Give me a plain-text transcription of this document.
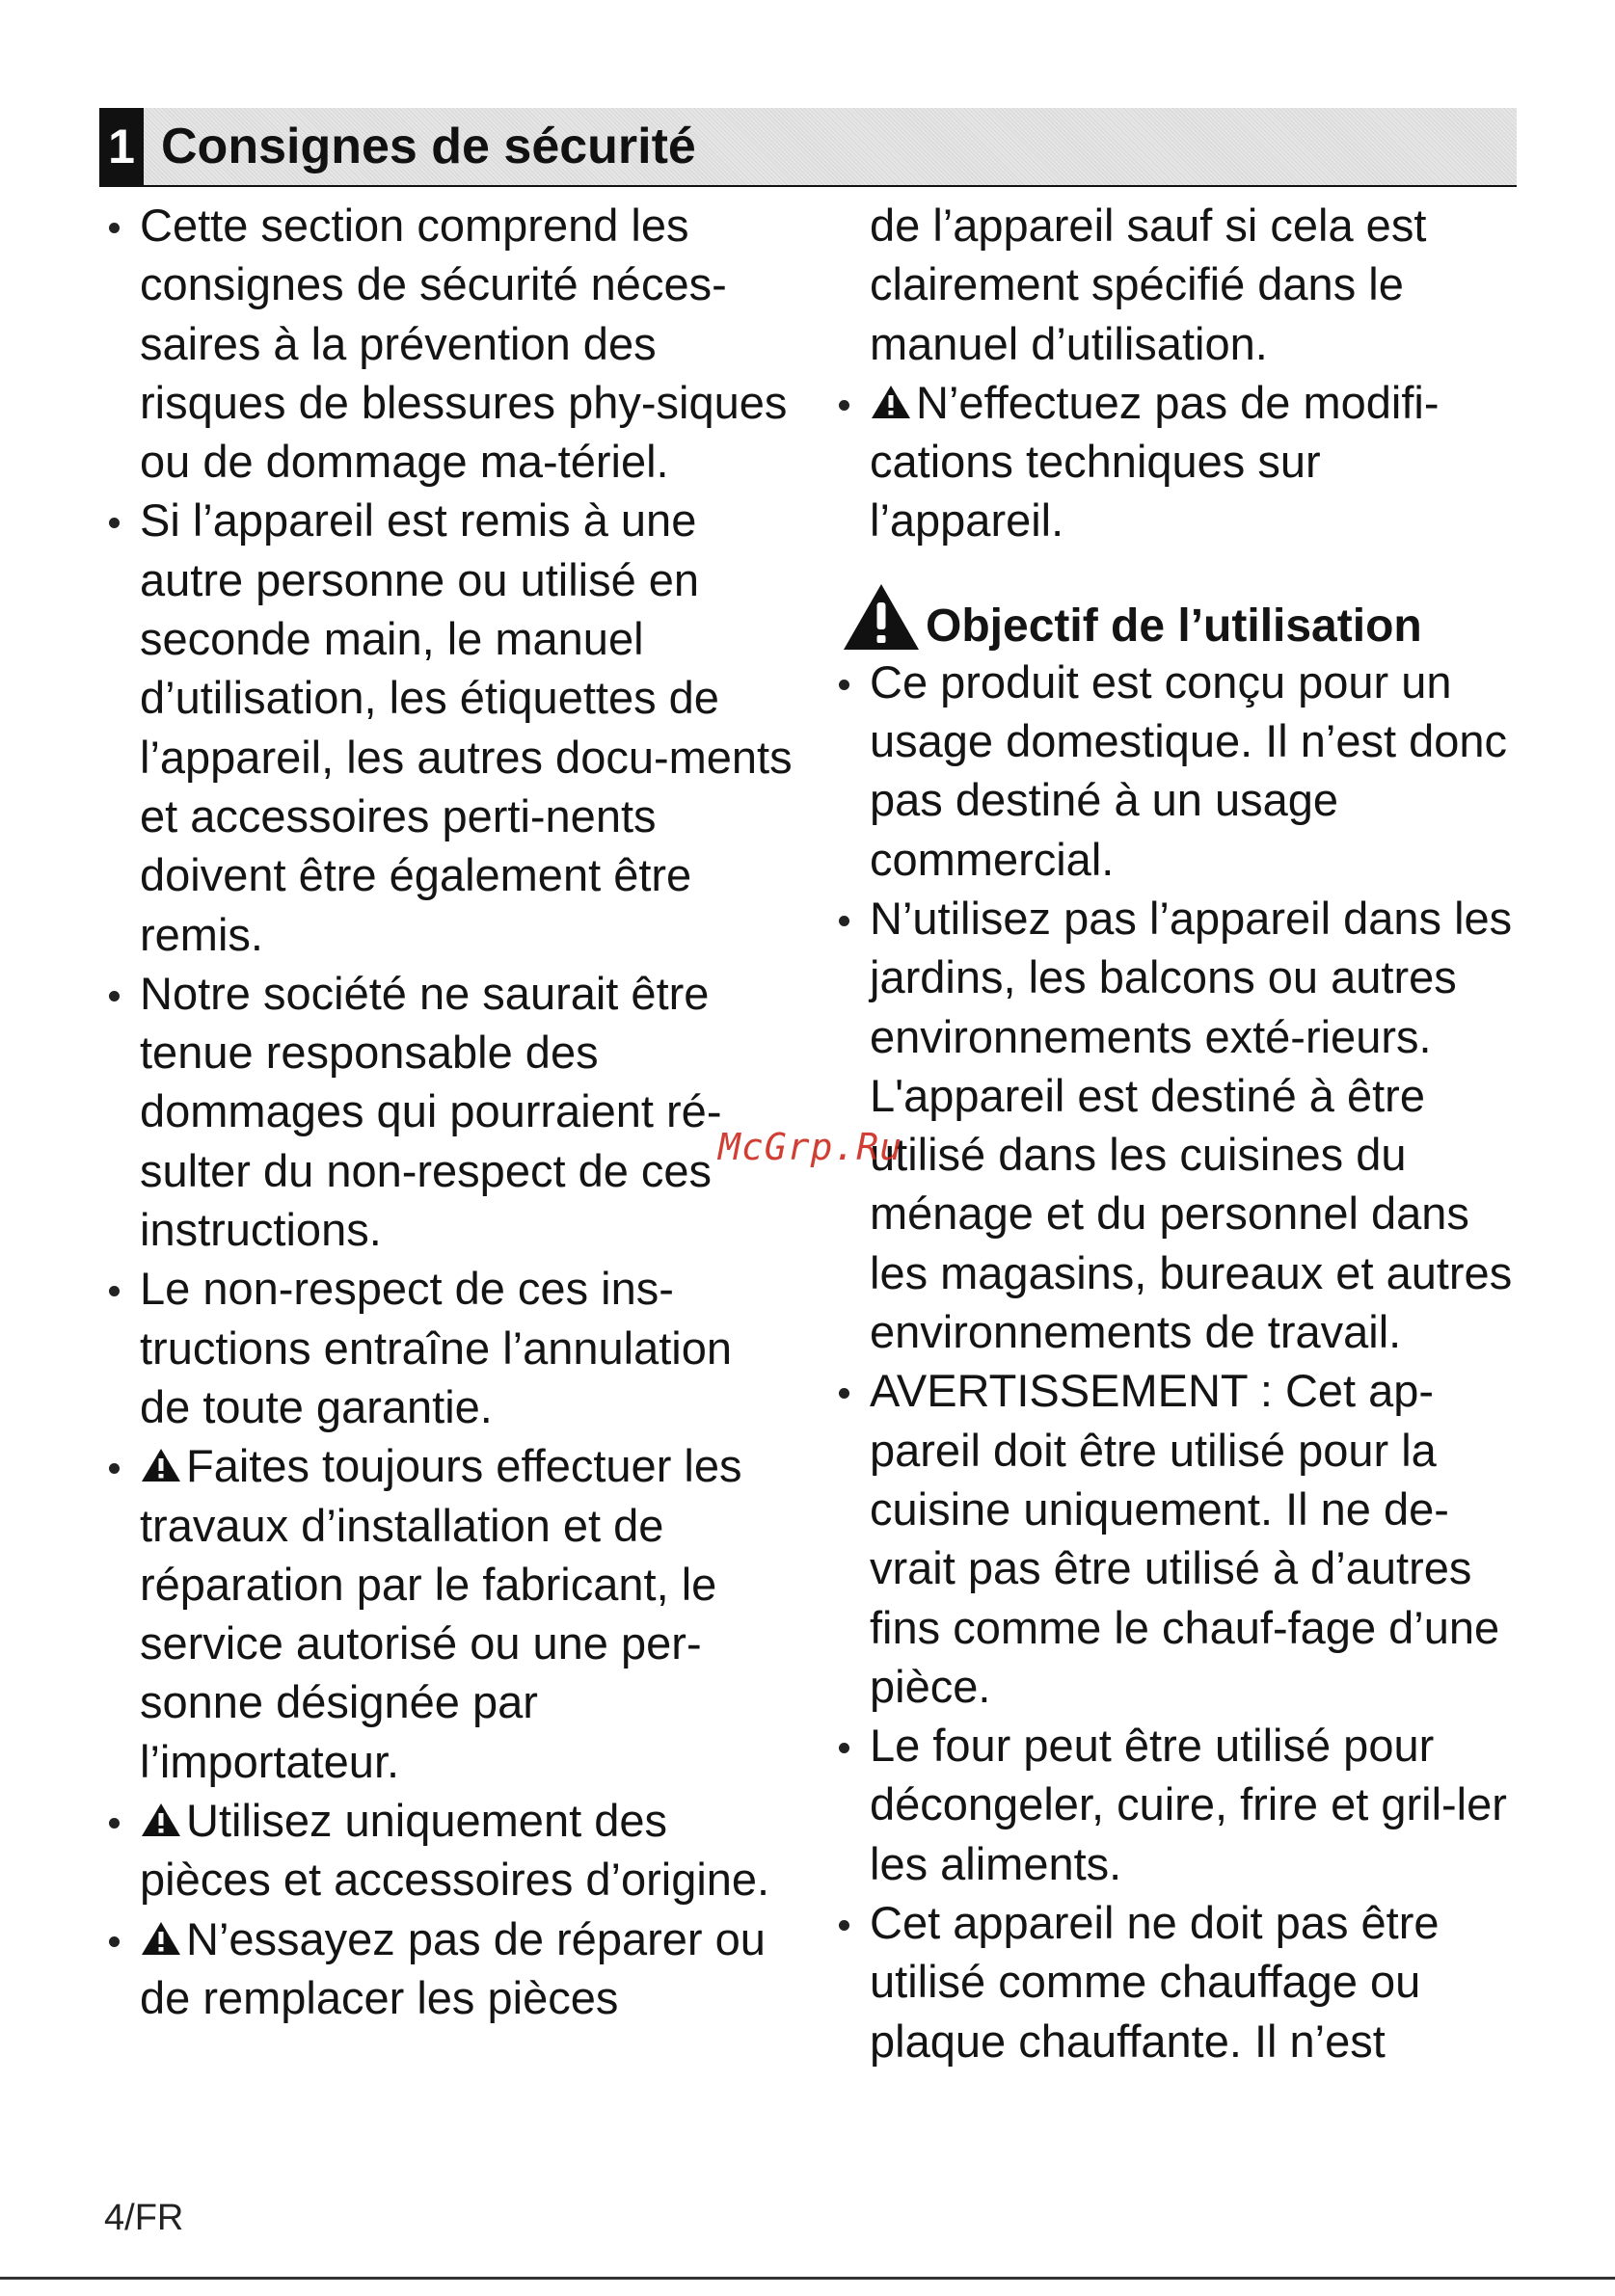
1 Consignes de sécurité
Cette section comprend les consignes de sécurité néces-saires à la prévention des risques de blessures phy-siques ou de dommage ma-tériel.
Si l’appareil est remis à une autre personne ou utilisé en seconde main, le manuel d’utilisation, les étiquettes de l’appareil, les autres docu-ments et accessoires perti-nents doivent être également être remis.
Notre société ne saurait être tenue responsable des dommages qui pourraient ré-sulter du non-respect de ces instructions.
Le non-respect de ces ins-tructions entraîne l’annulation de toute garantie.
Faites toujours effectuer les travaux d’installation et de réparation par le fabricant, le service autorisé ou une per-sonne désignée par l’importateur.
Utilisez uniquement des pièces et accessoires d’origine.
N’essayez pas de réparer ou de remplacer les pièces
de l’appareil sauf si cela est clairement spécifié dans le manuel d’utilisation.
N’effectuez pas de modifi-cations techniques sur l’appareil.
Objectif de l’utilisation
Ce produit est conçu pour un usage domestique. Il n’est donc pas destiné à un usage commercial.
N’utilisez pas l’appareil dans les jardins, les balcons ou autres environnements exté-rieurs. L'appareil est destiné à être utilisé dans les cuisines du ménage et du personnel dans les magasins, bureaux et autres environnements de travail.
AVERTISSEMENT : Cet ap-pareil doit être utilisé pour la cuisine uniquement. Il ne de-vrait pas être utilisé à d’autres fins comme le chauf-fage d’une pièce.
Le four peut être utilisé pour décongeler, cuire, frire et gril-ler les aliments.
Cet appareil ne doit pas être utilisé comme chauffage ou plaque chauffante. Il n’est
McGrp.Ru
4/FR
